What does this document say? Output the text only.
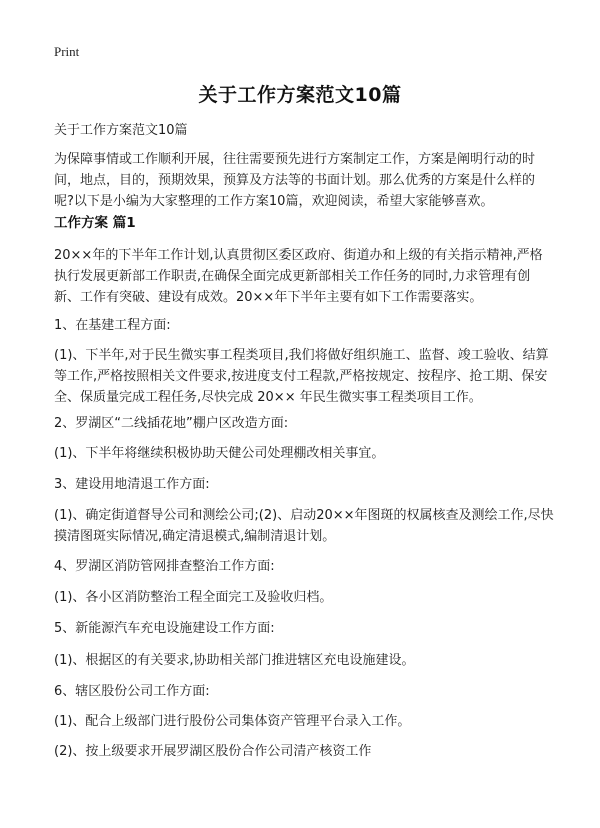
Print
关于工作方案范文10篇
关于工作方案范文10篇
为保障事情或工作顺利开展，往往需要预先进行方案制定工作，方案是阐明行动的时间，地点，目的，预期效果，预算及方法等的书面计划。那么优秀的方案是什么样的呢?以下是小编为大家整理的工作方案10篇，欢迎阅读，希望大家能够喜欢。
工作方案 篇1
20××年的下半年工作计划,认真贯彻区委区政府、街道办和上级的有关指示精神,严格执行发展更新部工作职责,在确保全面完成更新部相关工作任务的同时,力求管理有创新、工作有突破、建设有成效。20××年下半年主要有如下工作需要落实。
1、在基建工程方面:
(1)、下半年,对于民生微实事工程类项目,我们将做好组织施工、监督、竣工验收、结算等工作,严格按照相关文件要求,按进度支付工程款,严格按规定、按程序、抢工期、保安全、保质量完成工程任务,尽快完成 20×× 年民生微实事工程类项目工作。
2、罗湖区“二线插花地”棚户区改造方面:
(1)、下半年将继续积极协助天健公司处理棚改相关事宜。
3、建设用地清退工作方面:
(1)、确定街道督导公司和测绘公司;(2)、启动20××年图斑的权属核查及测绘工作,尽快摸清图斑实际情况,确定清退模式,编制清退计划。
4、罗湖区消防管网排查整治工作方面:
(1)、各小区消防整治工程全面完工及验收归档。
5、新能源汽车充电设施建设工作方面:
(1)、根据区的有关要求,协助相关部门推进辖区充电设施建设。
6、辖区股份公司工作方面:
(1)、配合上级部门进行股份公司集体资产管理平台录入工作。
(2)、按上级要求开展罗湖区股份合作公司清产核资工作
